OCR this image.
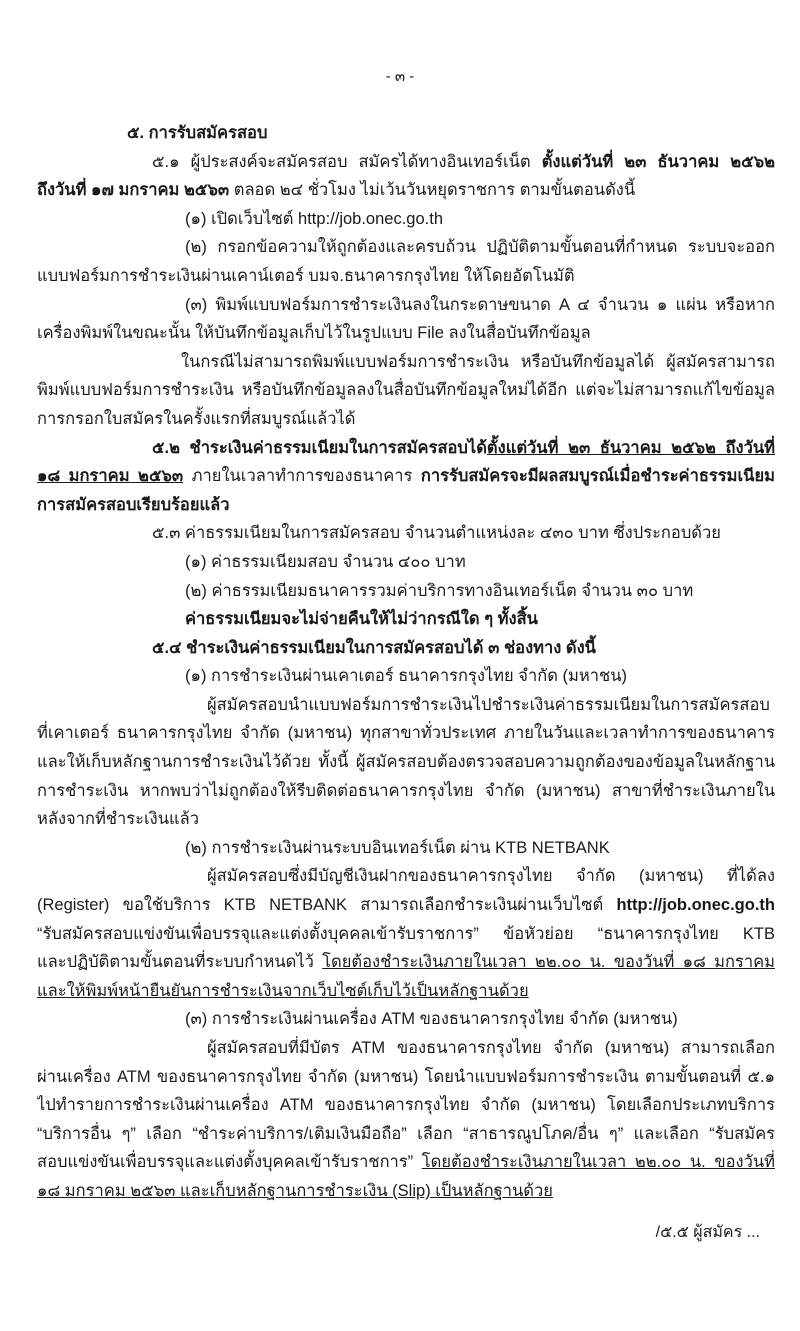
- ๓ -
๕. การรับสมัครสอบ
๕.๑ ผู้ประสงค์จะสมัครสอบ สมัครได้ทางอินเทอร์เน็ต ตั้งแต่วันที่ ๒๓ ธันวาคม ๒๕๖๒
ถึงวันที่ ๑๗ มกราคม ๒๕๖๓ ตลอด ๒๔ ชั่วโมง ไม่เว้นวันหยุดราชการ ตามขั้นตอนดังนี้
(๑) เปิดเว็บไซต์ http://job.onec.go.th
(๒) กรอกข้อความให้ถูกต้องและครบถ้วน ปฏิบัติตามขั้นตอนที่กำหนด ระบบจะออก
แบบฟอร์มการชำระเงินผ่านเคาน์เตอร์ บมจ.ธนาคารกรุงไทย ให้โดยอัตโนมัติ
(๓) พิมพ์แบบฟอร์มการชำระเงินลงในกระดาษขนาด A ๔ จำนวน ๑ แผ่น หรือหาก
เครื่องพิมพ์ในขณะนั้น ให้บันทึกข้อมูลเก็บไว้ในรูปแบบ File ลงในสื่อบันทึกข้อมูล
ในกรณีไม่สามารถพิมพ์แบบฟอร์มการชำระเงิน หรือบันทึกข้อมูลได้ ผู้สมัครสามารถ
พิมพ์แบบฟอร์มการชำระเงิน หรือบันทึกข้อมูลลงในสื่อบันทึกข้อมูลใหม่ได้อีก แต่จะไม่สามารถแก้ไขข้อมูล
การกรอกใบสมัครในครั้งแรกที่สมบูรณ์แล้วได้
๕.๒ ชำระเงินค่าธรรมเนียมในการสมัครสอบได้ตั้งแต่วันที่ ๒๓ ธันวาคม ๒๕๖๒ ถึงวันที่
๑๘ มกราคม ๒๕๖๓ ภายในเวลาทำการของธนาคาร การรับสมัครจะมีผลสมบูรณ์เมื่อชำระค่าธรรมเนียม
การสมัครสอบเรียบร้อยแล้ว
๕.๓ ค่าธรรมเนียมในการสมัครสอบ จำนวนตำแหน่งละ ๔๓๐ บาท ซึ่งประกอบด้วย
(๑) ค่าธรรมเนียมสอบ จำนวน ๔๐๐ บาท
(๒) ค่าธรรมเนียมธนาคารรวมค่าบริการทางอินเทอร์เน็ต จำนวน ๓๐ บาท
ค่าธรรมเนียมจะไม่จ่ายคืนให้ไม่ว่ากรณีใด ๆ ทั้งสิ้น
๕.๔ ชำระเงินค่าธรรมเนียมในการสมัครสอบได้ ๓ ช่องทาง ดังนี้
(๑) การชำระเงินผ่านเคาเตอร์ ธนาคารกรุงไทย จำกัด (มหาชน)
ผู้สมัครสอบนำแบบฟอร์มการชำระเงินไปชำระเงินค่าธรรมเนียมในการสมัครสอบ
ที่เคาเตอร์ ธนาคารกรุงไทย จำกัด (มหาชน) ทุกสาขาทั่วประเทศ ภายในวันและเวลาทำการของธนาคาร
และให้เก็บหลักฐานการชำระเงินไว้ด้วย ทั้งนี้ ผู้สมัครสอบต้องตรวจสอบความถูกต้องของข้อมูลในหลักฐาน
การชำระเงิน หากพบว่าไม่ถูกต้องให้รีบติดต่อธนาคารกรุงไทย จำกัด (มหาชน) สาขาที่ชำระเงินภายใน
หลังจากที่ชำระเงินแล้ว
(๒) การชำระเงินผ่านระบบอินเทอร์เน็ต ผ่าน KTB NETBANK
ผู้สมัครสอบซึ่งมีบัญชีเงินฝากของธนาคารกรุงไทย จำกัด (มหาชน) ที่ได้ลง
(Register) ขอใช้บริการ KTB NETBANK สามารถเลือกชำระเงินผ่านเว็บไซต์ http://job.onec.go.th
“รับสมัครสอบแข่งขันเพื่อบรรจุและแต่งตั้งบุคคลเข้ารับราชการ” ข้อหัวย่อย “ธนาคารกรุงไทย KTB
และปฏิบัติตามขั้นตอนที่ระบบกำหนดไว้ โดยต้องชำระเงินภายในเวลา ๒๒.๐๐ น. ของวันที่ ๑๘ มกราคม
และให้พิมพ์หน้ายืนยันการชำระเงินจากเว็บไซต์เก็บไว้เป็นหลักฐานด้วย
(๓) การชำระเงินผ่านเครื่อง ATM ของธนาคารกรุงไทย จำกัด (มหาชน)
ผู้สมัครสอบที่มีบัตร ATM ของธนาคารกรุงไทย จำกัด (มหาชน) สามารถเลือก
ผ่านเครื่อง ATM ของธนาคารกรุงไทย จำกัด (มหาชน) โดยนำแบบฟอร์มการชำระเงิน ตามขั้นตอนที่ ๕.๑
ไปทำรายการชำระเงินผ่านเครื่อง ATM ของธนาคารกรุงไทย จำกัด (มหาชน) โดยเลือกประเภทบริการ
“บริการอื่น ๆ” เลือก “ชำระค่าบริการ/เติมเงินมือถือ” เลือก “สาธารณูปโภค/อื่น ๆ” และเลือก “รับสมัคร
สอบแข่งขันเพื่อบรรจุและแต่งตั้งบุคคลเข้ารับราชการ” โดยต้องชำระเงินภายในเวลา ๒๒.๐๐ น. ของวันที่
๑๘ มกราคม ๒๕๖๓ และเก็บหลักฐานการชำระเงิน (Slip) เป็นหลักฐานด้วย
/๕.๕ ผู้สมัคร ...
